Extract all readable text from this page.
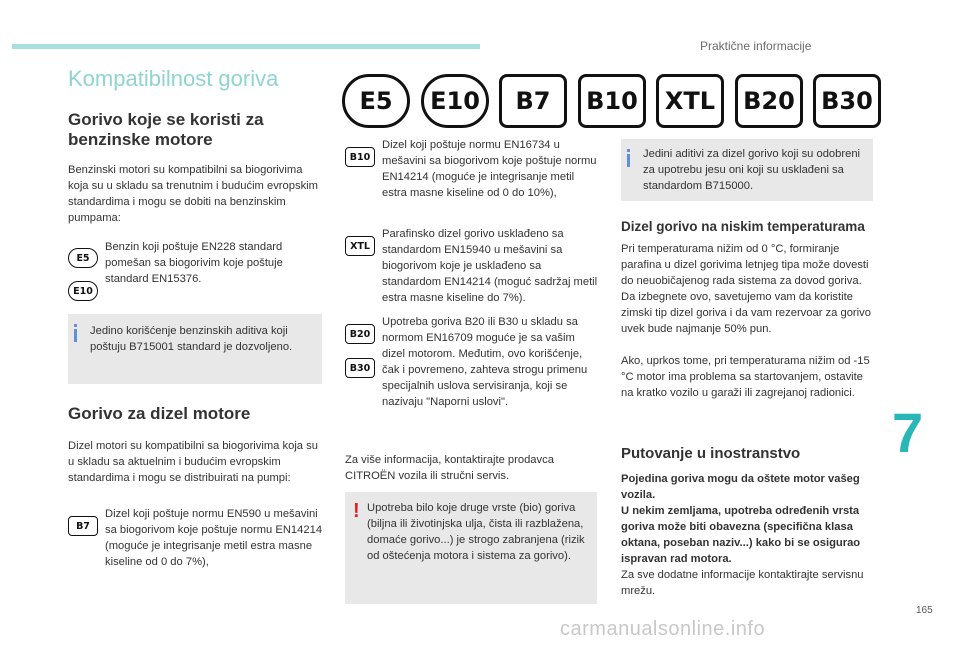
Praktične informacije
7
165
carmanualsonline.info
Kompatibilnost goriva
Gorivo koje se koristi za benzinske motore
Benzinski motori su kompatibilni sa biogorivima koja su u skladu sa trenutnim i budućim evropskim standardima i mogu se dobiti na benzinskim pumpama:
E5
E10
Benzin koji poštuje EN228 standard pomešan sa biogorivim koje poštuje standard EN15376.
Jedino korišćenje benzinskih aditiva koji poštuju B715001 standard je dozvoljeno.
Gorivo za dizel motore
Dizel motori su kompatibilni sa biogorivima koja su u skladu sa aktuelnim i budućim evropskim standardima i mogu se distribuirati na pumpi:
B7
Dizel koji poštuje normu EN590 u mešavini sa biogorivom koje poštuje normu EN14214 (moguće je integrisanje metil estra masne kiseline od 0 do 7%),
E5	E10	B7	B10	XTL	B20	B30
B10
Dizel koji poštuje normu EN16734 u mešavini sa biogorivom koje poštuje normu EN14214 (moguće je integrisanje metil estra masne kiseline od 0 do 10%),
XTL
Parafinsko dizel gorivo usklađeno sa standardom EN15940 u mešavini sa biogorivom koje je usklađeno sa standardom EN14214 (moguć sadržaj metil estra masne kiseline do 7%).
B20
B30
Upotreba goriva B20 ili B30 u skladu sa normom EN16709 moguće je sa vašim dizel motorom. Međutim, ovo korišćenje, čak i povremeno, zahteva strogu primenu specijalnih uslova servisiranja, koji se nazivaju "Naporni uslovi".
Za više informacija, kontaktirajte prodavca CITROËN vozila ili stručni servis.
! Upotreba bilo koje druge vrste (bio) goriva (biljna ili životinjska ulja, čista ili razblažena, domaće gorivo...) je strogo zabranjena (rizik od oštećenja motora i sistema za gorivo).
Jedini aditivi za dizel gorivo koji su odobreni za upotrebu jesu oni koji su usklađeni sa standardom B715000.
Dizel gorivo na niskim temperaturama
Pri temperaturama nižim od 0 °C, formiranje parafina u dizel gorivima letnjeg tipa može dovesti do neuobičajenog rada sistema za dovod goriva. Da izbegnete ovo, savetujemo vam da koristite zimski tip dizel goriva i da vam rezervoar za gorivo uvek bude najmanje 50% pun.
Ako, uprkos tome, pri temperaturama nižim od -15 °C motor ima problema sa startovanjem, ostavite na kratko vozilo u garaži ili zagrejanoj radionici.
Putovanje u inostranstvo
Pojedina goriva mogu da oštete motor vašeg vozila.
U nekim zemljama, upotreba određenih vrsta goriva može biti obavezna (specifična klasa oktana, poseban naziv...) kako bi se osigurao ispravan rad motora.
Za sve dodatne informacije kontaktirajte servisnu mrežu.
